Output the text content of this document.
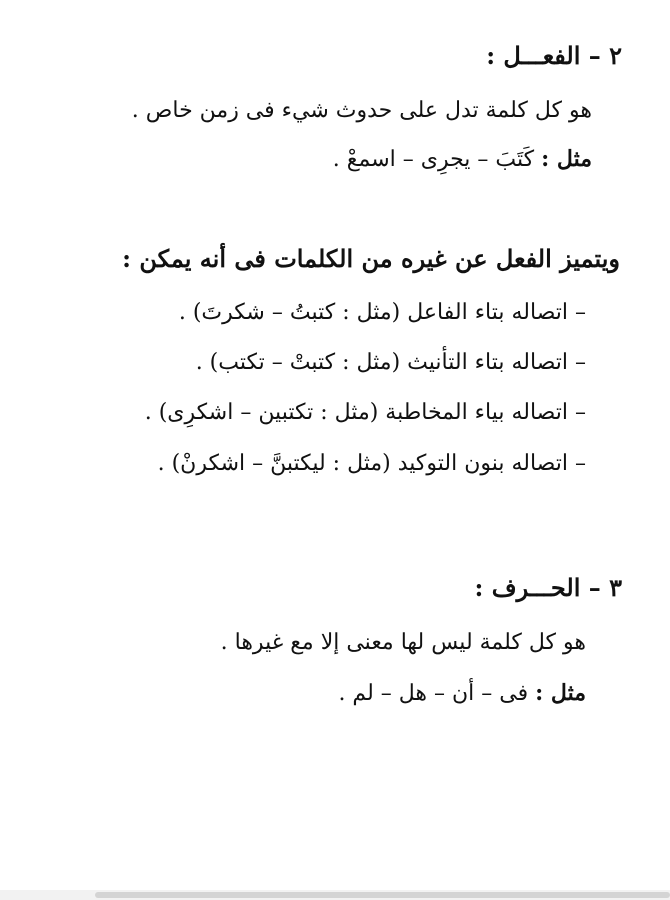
٢ – الفعـــل :
هو كل كلمة تدل على حدوث شيء فى زمن خاص .
مثل : كَتَبَ – يجرِى – اسمعْ .
ويتميز الفعل عن غيره من الكلمات فى أنه يمكن :
– اتصاله بتاء الفاعل (مثل : كتبتُ – شكرتَ) .
– اتصاله بتاء التأنيث (مثل : كتبتْ – تكتب) .
– اتصاله بياء المخاطبة (مثل : تكتبين – اشكرِى) .
– اتصاله بنون التوكيد (مثل : ليكتبنَّ – اشكرنْ) .
٣ – الحـــرف :
هو كل كلمة ليس لها معنى إلا مع غيرها .
مثل : فى – أن – هل – لم .
